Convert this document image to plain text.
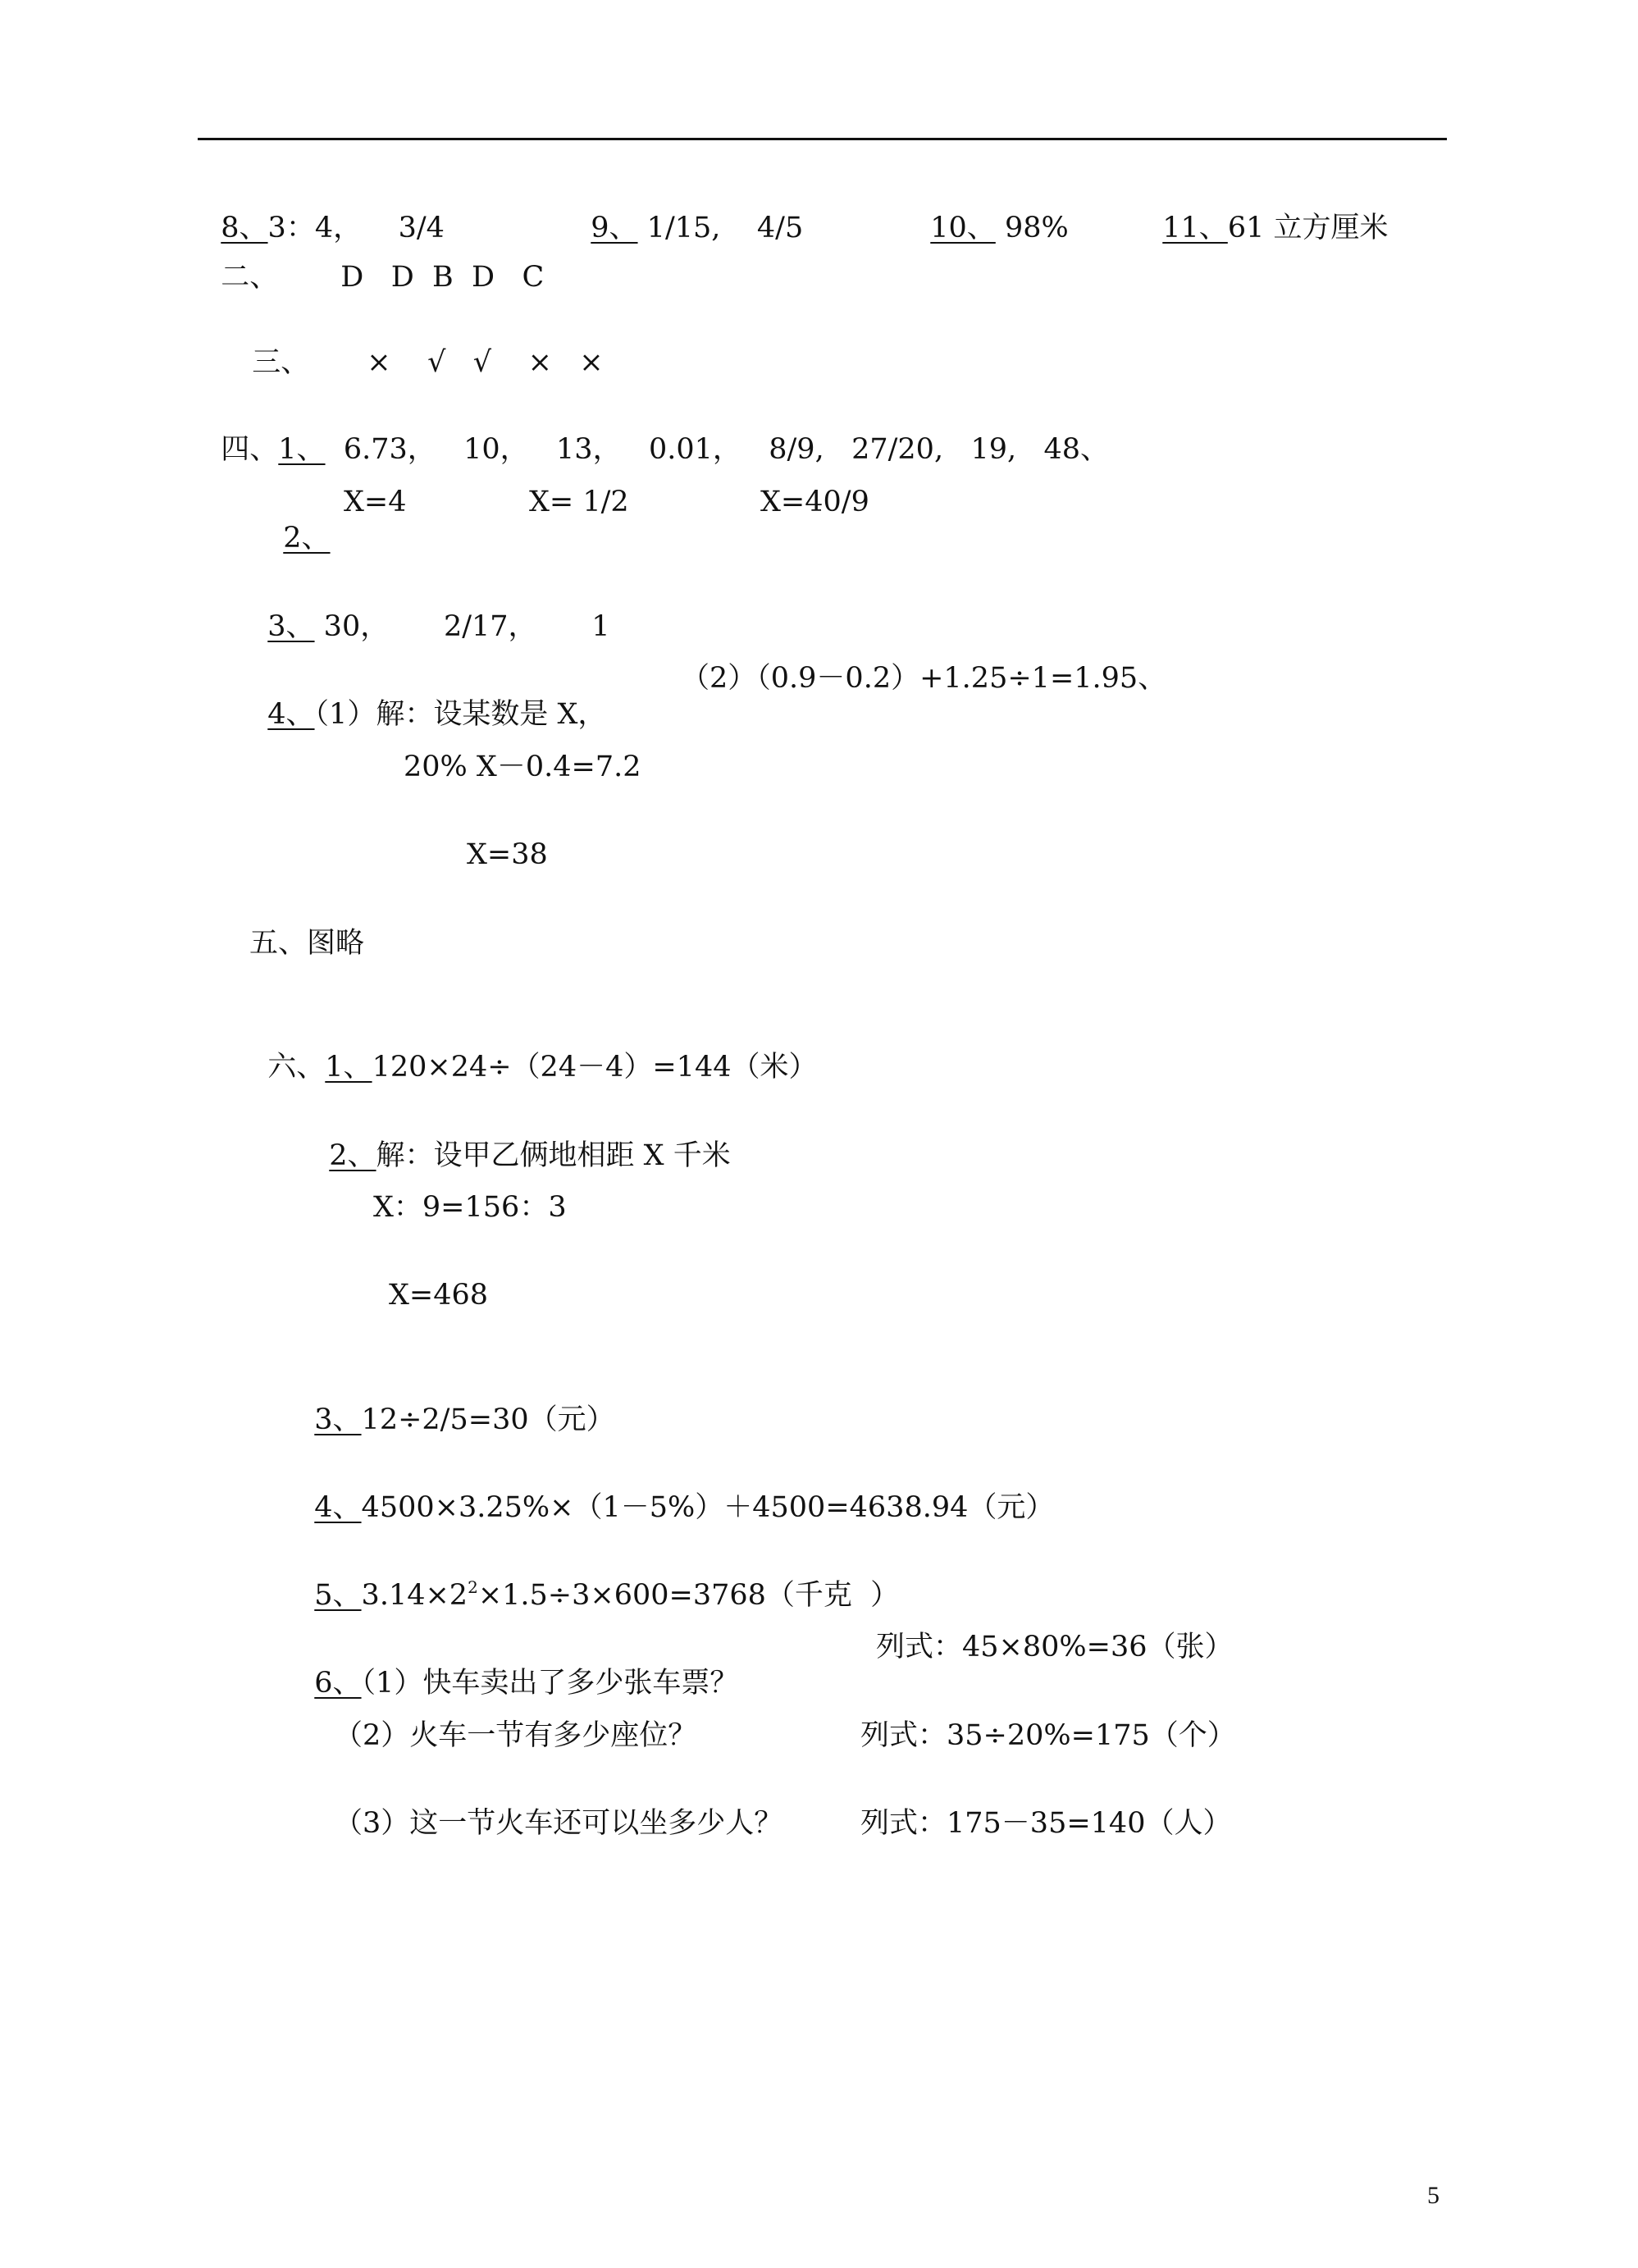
8、3：4，    3/4	9、 1/15,    4/5	10、 98%	11、61 立方厘米

二、 D   D  B  D   C

三、 ×    √   √    ×   ×

四、1、  6.73，   10，   13，   0.01，   8/9,   27/20,   19,   48、

2、

X=4	X= 1/2	X=40/9

3、 30，      2/17，      1

4、（1）解：设某数是 X，

（2）（0.9－0.2）+1.25÷1=1.95、
20% X－0.4=7.2
X=38
五、图略

六、1、120×24÷（24－4）=144（米）

2、解：设甲乙俩地相距 X 千米

X：9=156：3
X=468

3、12÷2/5=30（元）

4、4500×3.25%×（1－5%）＋4500=4638.94（元）

5、$3.14\times 2^2\times 1.5\div 3\times 600=3768$（千克  ）

6、（1）快车卖出了多少张车票？

列式：45×80%=36（张）
（2）火车一节有多少座位？	列式：35÷20%=175（个）
（3）这一节火车还可以坐多少人？	列式：175－35=140（人）
5
